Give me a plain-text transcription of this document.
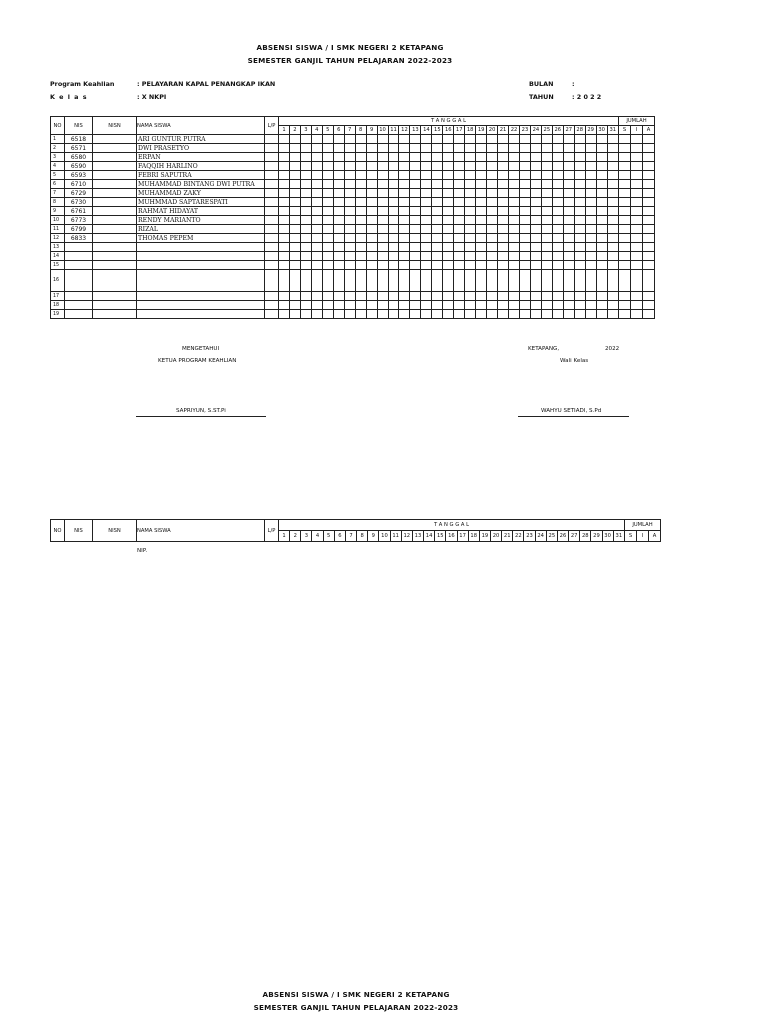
ABSENSI SISWA / I SMK NEGERI 2 KETAPANG
SEMESTER GANJIL TAHUN PELAJARAN 2022-2023
Program Keahlian	: PELAYARAN KAPAL PENANGKAP IKAN
K e l a s	: X NKPI
BULAN	:
TAHUN	: 2 0 2 2
NO	NIS	NISN	NAMA SISWA	L/P	T A N G G A L																															JUMLAH		
					1	2	3	4	5	6	7	8	9	10	11	12	13	14	15	16	17	18	19	20	21	22	23	24	25	26	27	28	29	30	31	S	I	A
1	6518		ARI GUNTUR PUTRA																																			
2	6571		DWI PRASETYO																																			
3	6580		ERPAN																																			
4	6590		FAQQIH HARLINO																																			
5	6593		FEBRI SAPUTRA																																			
6	6710		MUHAMMAD BINTANG DWI PUTRA																																			
7	6729		MUHAMMAD ZAKY																																			
8	6730		MUHMMAD SAPTARESPATI																																			
9	6761		RAHMAT HIDAYAT																																			
10	6773		RENDY MARIANTO																																			
11	6799		RIZAL																																			
12	6833		THOMAS PEPEM																																			
13																																						
14																																						
15																																						
16																																						
17																																						
18																																						
19																																						
MENGETAHUI
KETUA PROGRAM KEAHLIAN
KETAPANG,	2022
Wali Kelas
SAPRIYUN, S.ST.Pi	WAHYU SETIADI, S.Pd
NO	NIS	NISN	NAMA SISWA	L/P	T A N G G A L																															JUMLAH		
					1	2	3	4	5	6	7	8	9	10	11	12	13	14	15	16	17	18	19	20	21	22	23	24	25	26	27	28	29	30	31	S	I	A
NIP.
ABSENSI SISWA / I SMK NEGERI 2 KETAPANG
SEMESTER GANJIL TAHUN PELAJARAN 2022-2023
